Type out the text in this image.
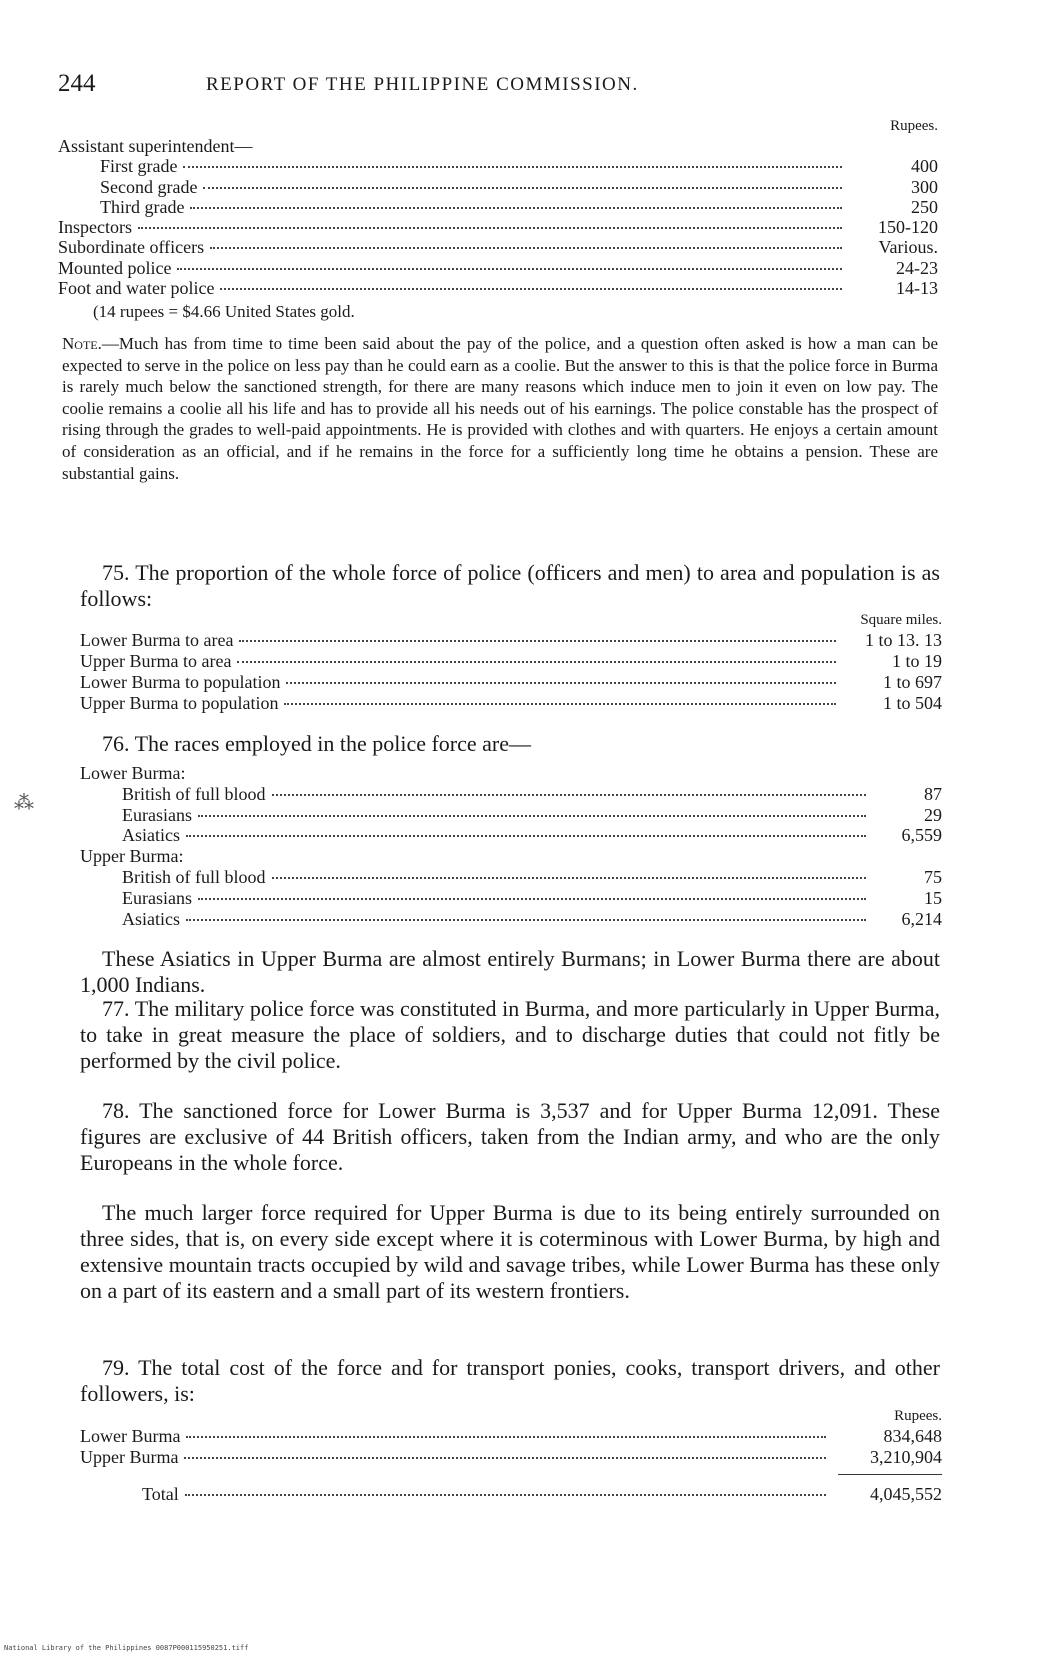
244	REPORT OF THE PHILIPPINE COMMISSION.
Rupees.
Assistant superintendent—
First grade	400
Second grade	300
Third grade	250
Inspectors	150-120
Subordinate officers	Various.
Mounted police	24-23
Foot and water police	14-13
(14 rupees = $4.66 United States gold.
Note.—Much has from time to time been said about the pay of the police, and a question often asked is how a man can be expected to serve in the police on less pay than he could earn as a coolie. But the answer to this is that the police force in Burma is rarely much below the sanctioned strength, for there are many reasons which induce men to join it even on low pay. The coolie remains a coolie all his life and has to provide all his needs out of his earnings. The police constable has the prospect of rising through the grades to well-paid appointments. He is provided with clothes and with quarters. He enjoys a certain amount of consideration as an official, and if he remains in the force for a sufficiently long time he obtains a pension. These are substantial gains.
75. The proportion of the whole force of police (officers and men) to area and population is as follows:
Square miles.
Lower Burma to area	1 to 13. 13
Upper Burma to area	1 to 19
Lower Burma to population	1 to 697
Upper Burma to population	1 to 504
76. The races employed in the police force are—
Lower Burma:
British of full blood	87
Eurasians	29
Asiatics	6,559
Upper Burma:
British of full blood	75
Eurasians	15
Asiatics	6,214
These Asiatics in Upper Burma are almost entirely Burmans; in Lower Burma there are about 1,000 Indians.
77. The military police force was constituted in Burma, and more particularly in Upper Burma, to take in great measure the place of soldiers, and to discharge duties that could not fitly be performed by the civil police.
78. The sanctioned force for Lower Burma is 3,537 and for Upper Burma 12,091. These figures are exclusive of 44 British officers, taken from the Indian army, and who are the only Europeans in the whole force.
The much larger force required for Upper Burma is due to its being entirely surrounded on three sides, that is, on every side except where it is coterminous with Lower Burma, by high and extensive mountain tracts occupied by wild and savage tribes, while Lower Burma has these only on a part of its eastern and a small part of its western frontiers.
79. The total cost of the force and for transport ponies, cooks, transport drivers, and other followers, is:
Rupees.
Lower Burma	834,648
Upper Burma	3,210,904
Total	4,045,552
⁂
National Library of the Philippines 0087P000115950251.tiff
